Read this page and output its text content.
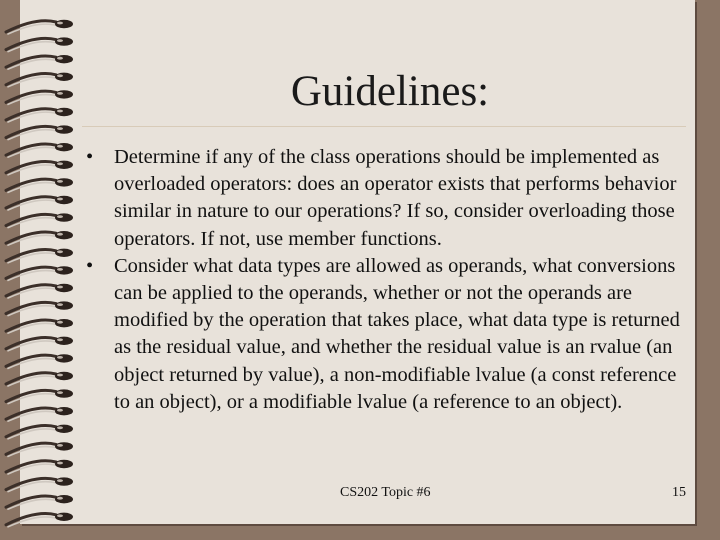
Guidelines:
• Determine if any of the class operations should be implemented as overloaded operators: does an operator exists that performs behavior similar in nature to our operations? If so, consider overloading those operators. If not, use member functions.
• Consider what data types are allowed as operands, what conversions can be applied to the operands, whether or not the operands are modified by the operation that takes place, what data type is returned as the residual value, and whether the residual value is an rvalue (an object returned by value), a non-modifiable lvalue (a const reference to an object), or a modifiable lvalue (a reference to an object).
CS202 Topic #6	15
